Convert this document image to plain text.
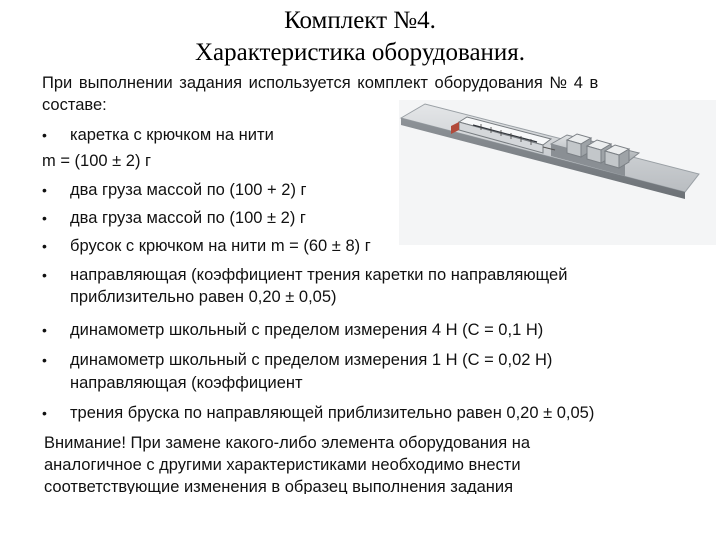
Комплект №4.
Характеристика оборудования.
При выполнении задания используется комплект оборудования № 4 в
составе:
• каретка с крючком на нити
m = (100 ± 2) г
• два груза массой по (100 + 2) г
• два груза массой по (100 ± 2) г
• брусок с крючком на нити m = (60 ± 8) г
• направляющая (коэффициент трения каретки по направляющей
приблизительно равен 0,20 ± 0,05)
• динамометр школьный с пределом измерения 4 Н (С = 0,1 Н)
• динамометр школьный с пределом измерения 1 Н (С = 0,02 Н)
направляющая (коэффициент
• трения бруска по направляющей приблизительно равен 0,20 ± 0,05)
Внимание! При замене какого-либо элемента оборудования на
аналогичное с другими характеристиками необходимо внести
соответствующие изменения в образец выполнения задания
